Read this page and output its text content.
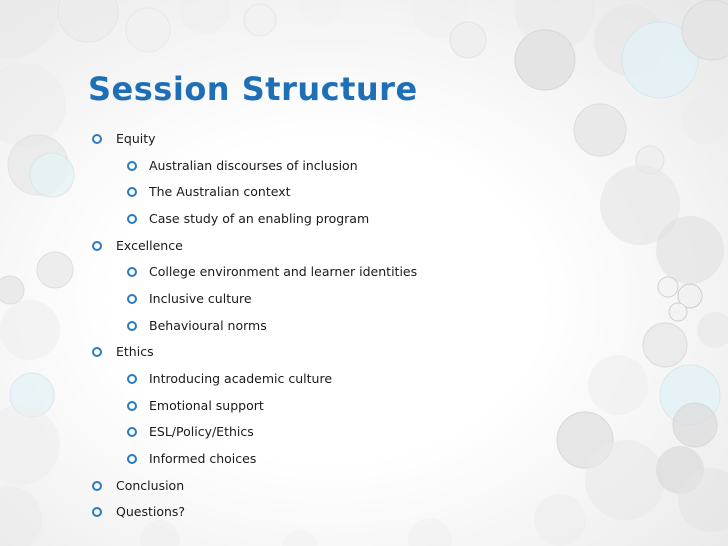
Session Structure
Equity
Australian discourses of inclusion
The Australian context
Case study of an enabling program
Excellence
College environment and learner identities
Inclusive culture
Behavioural norms
Ethics
Introducing academic culture
Emotional support
ESL/Policy/Ethics
Informed choices
Conclusion
Questions?
